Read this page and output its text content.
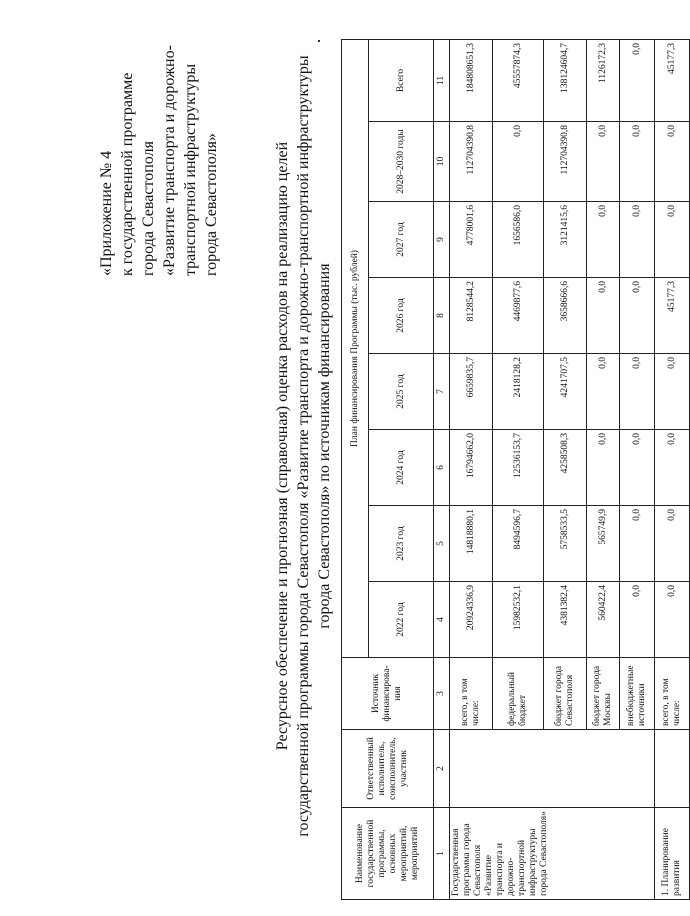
«Приложение № 4 к государственной программе города Севастополя «Развитие транспорта и дорожно- транспортной инфраструктуры города Севастополя»	Ресурсное обеспечение и прогнозная (справочная) оценка расходов на реализацию целей государственной программы города Севастополя «Развитие транспорта и дорожно-транспортной инфраструктуры города Севастополя» по источникам финансирования
Наименование государственной программы, основных мероприятий, мероприятий	Ответственный исполнитель, соисполнитель, участник	Источник финансирова-ния	План финансирования Программы (тыс. рублей)							
			2022 год	2023 год	2024 год	2025 год	2026 год	2027 год	2028–2030 годы	Всего
1	2	3	4	5	6	7	8	9	10	11
Государственная программа города Севастополя «Развитие транспорта и дорожно-транспортной инфраструктуры города Севастополя»		всего, в том числе:	20924336,9	14818880,1	16794662,0	6659835,7	8128544,2	4778001,6	112704390,8	184808651,3
		федеральный бюджет	15982532,1	8494596,7	12536153,7	2418128,2	4469877,6	1656586,0	0,0	45557874,3
		бюджет города Севастополя	4381382,4	5758533,5	4258508,3	4241707,5	3658666,6	3121415,6	112704390,8	138124604,7
		бюджет города Москвы	560422,4	565749,9	0,0	0,0	0,0	0,0	0,0	1126172,3
		внебюджетные источники	0,0	0,0	0,0	0,0	0,0	0,0	0,0	0,0
1. Планирование развития		всего, в том числе:	0,0	0,0	0,0	0,0	45177,3	0,0	0,0	45177,3
